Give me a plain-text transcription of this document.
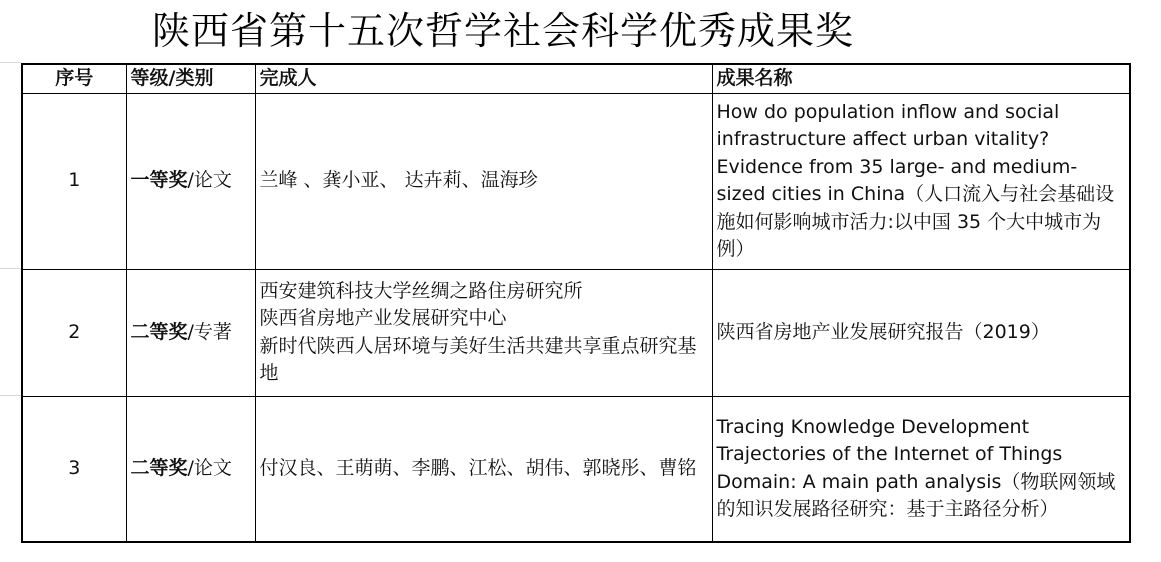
陕西省第十五次哲学社会科学优秀成果奖
序号	等级/类别	完成人	成果名称
1	一等奖/论文	兰峰 、龚小亚、 达卉莉、温海珍	How do population inflow and social infrastructure affect urban vitality? Evidence from 35 large- and medium-sized cities in China（人口流入与社会基础设施如何影响城市活力:以中国 35 个大中城市为例）
2	二等奖/专著	西安建筑科技大学丝绸之路住房研究所
陕西省房地产业发展研究中心
新时代陕西人居环境与美好生活共建共享重点研究基地	陕西省房地产业发展研究报告（2019）
3	二等奖/论文	付汉良、王萌萌、李鹏、江松、胡伟、郭晓彤、曹铭	Tracing Knowledge Development Trajectories of the Internet of Things Domain: A main path analysis（物联网领域的知识发展路径研究：基于主路径分析）
